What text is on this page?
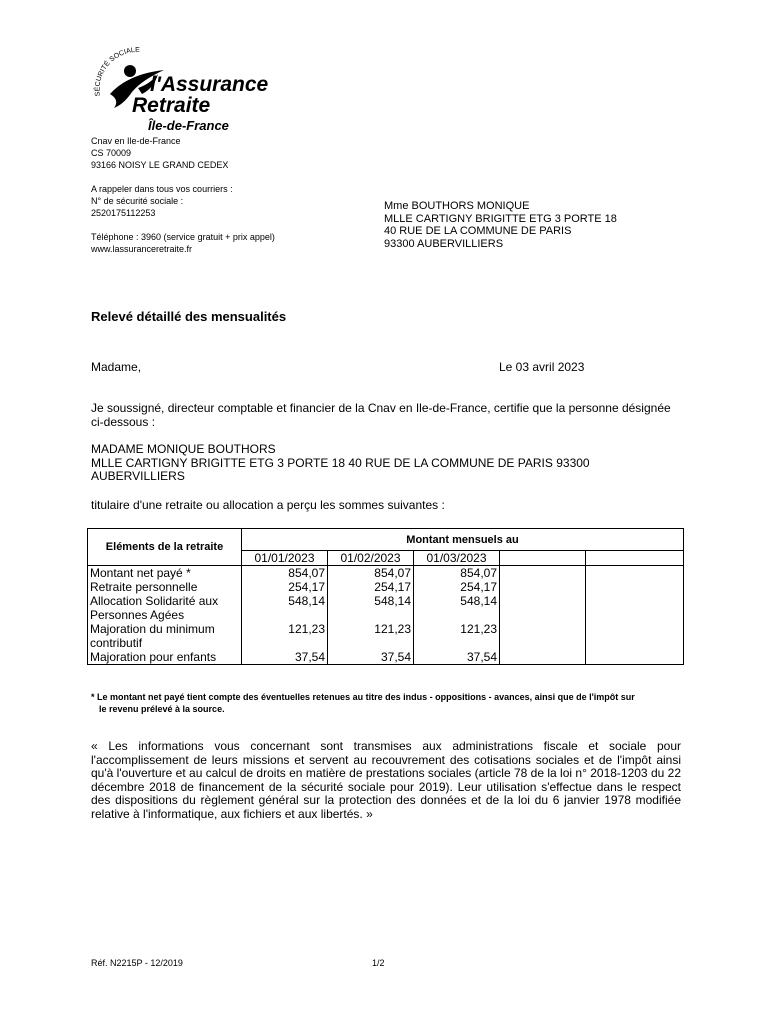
SÉCURITÉ SOCIALE
l'Assurance
Retraite
Île-de-France
Cnav en Ile-de-France
CS 70009
93166 NOISY LE GRAND CEDEX
A rappeler dans tous vos courriers :
N° de sécurité sociale :
2520175112253
Téléphone : 3960 (service gratuit + prix appel)
www.lassuranceretraite.fr
Mme BOUTHORS MONIQUE
MLLE CARTIGNY BRIGITTE ETG 3 PORTE 18
40 RUE DE LA COMMUNE DE PARIS
93300 AUBERVILLIERS
Relevé détaillé des mensualités
Madame,	Le 03 avril 2023
Je soussigné, directeur comptable et financier de la Cnav en Ile-de-France, certifie que la personne désignée ci-dessous :
MADAME MONIQUE BOUTHORS
MLLE CARTIGNY BRIGITTE ETG 3 PORTE 18 40 RUE DE LA COMMUNE DE PARIS 93300 AUBERVILLIERS
titulaire d'une retraite ou allocation a perçu les sommes suivantes :
Eléments de la retraite	Montant mensuels au				
	01/01/2023	01/02/2023	01/03/2023		
Montant net payé *	854,07	854,07	854,07		
Retraite personnelle	254,17	254,17	254,17		
Allocation Solidarité aux Personnes Agées	548,14	548,14	548,14		
Majoration du minimum contributif	121,23	121,23	121,23		
Majoration pour enfants	37,54	37,54	37,54		
* Le montant net payé tient compte des éventuelles retenues au titre des indus - oppositions - avances, ainsi que de l'impôt sur
le revenu prélevé à la source.
« Les informations vous concernant sont transmises aux administrations fiscale et sociale pour l'accomplissement de leurs missions et servent au recouvrement des cotisations sociales et de l'impôt ainsi qu'à l'ouverture et au calcul de droits en matière de prestations sociales (article 78 de la loi n° 2018-1203 du 22 décembre 2018 de financement de la sécurité sociale pour 2019). Leur utilisation s'effectue dans le respect des dispositions du règlement général sur la protection des données et de la loi du 6 janvier 1978 modifiée relative à l'informatique, aux fichiers et aux libertés. »
Réf. N2215P - 12/2019	1/2
